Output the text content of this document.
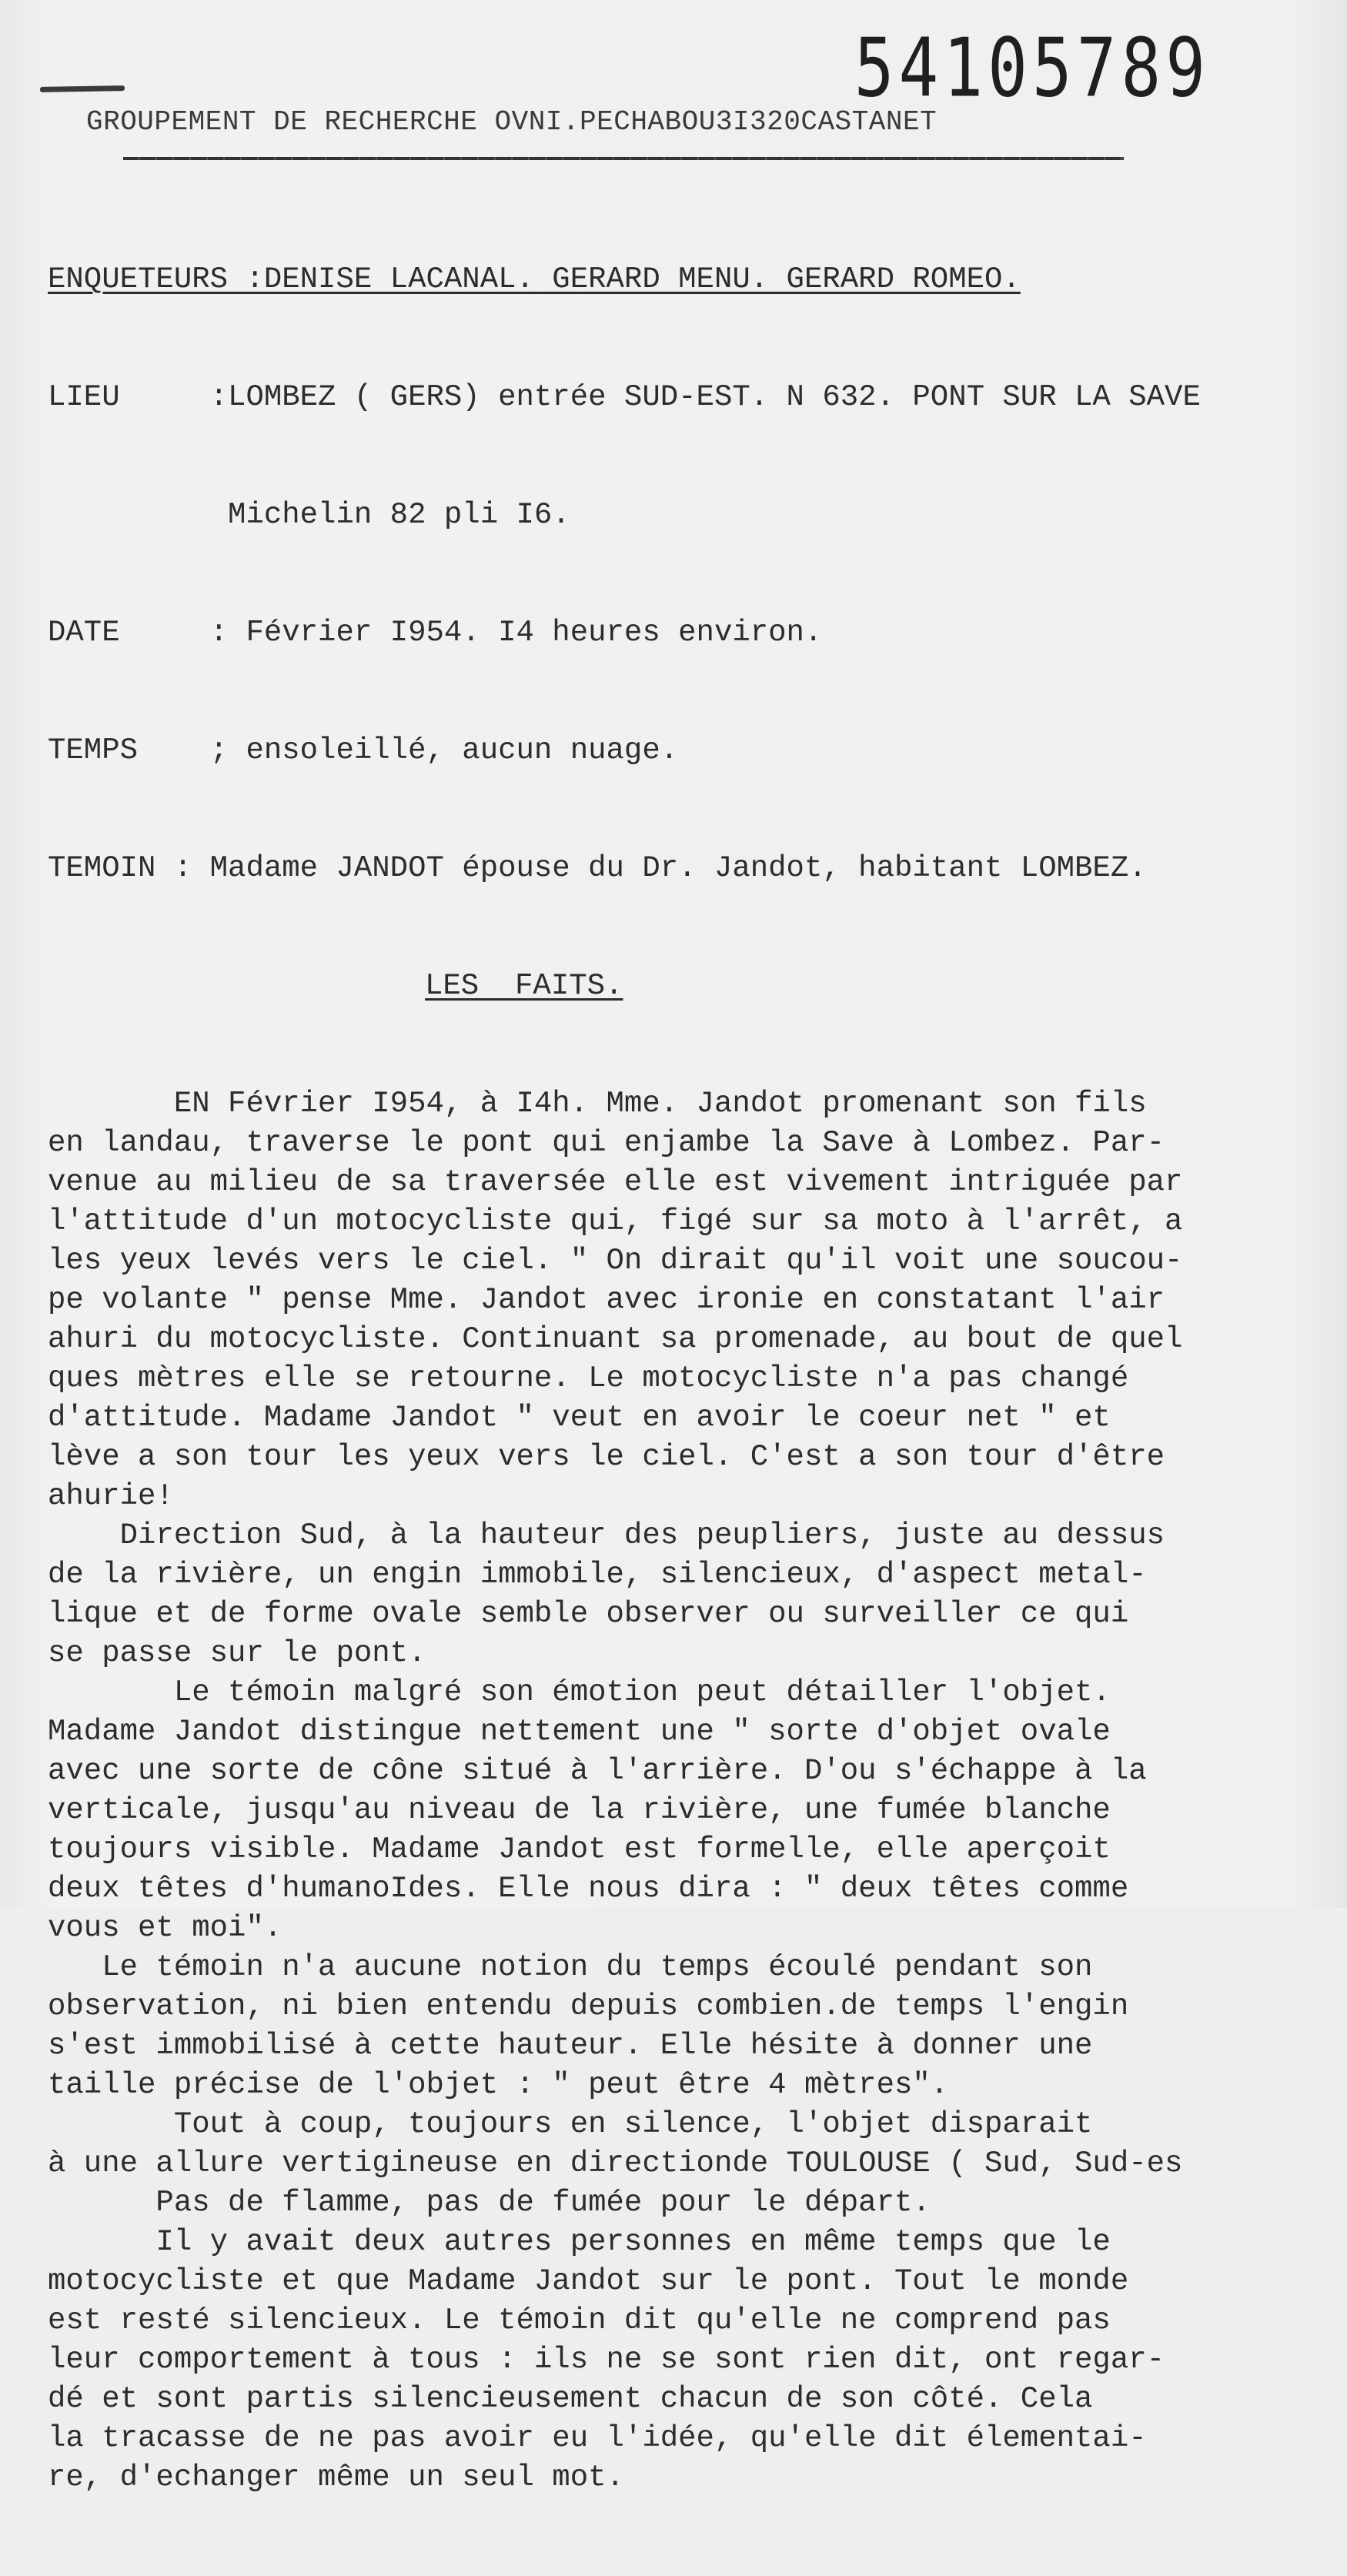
54105789
GROUPEMENT DE RECHERCHE OVNI.PECHABOU3I320CASTANET

ENQUETEURS :DENISE LACANAL. GERARD MENU. GERARD ROMEO.

LIEU     :LOMBEZ ( GERS) entrée SUD-EST. N 632. PONT SUR LA SAVE

Michelin 82 pli I6.

DATE     : Février I954. I4 heures environ.

TEMPS    ; ensoleillé, aucun nuage.

TEMOIN : Madame JANDOT épouse du Dr. Jandot, habitant LOMBEZ.

LES  FAITS.

EN Février I954, à I4h. Mme. Jandot promenant son fils
en landau, traverse le pont qui enjambe la Save à Lombez. Par-
venue au milieu de sa traversée elle est vivement intriguée par
l'attitude d'un motocycliste qui, figé sur sa moto à l'arrêt, a
les yeux levés vers le ciel. " On dirait qu'il voit une soucou-
pe volante " pense Mme. Jandot avec ironie en constatant l'air
ahuri du motocycliste. Continuant sa promenade, au bout de quel
ques mètres elle se retourne. Le motocycliste n'a pas changé
d'attitude. Madame Jandot " veut en avoir le coeur net " et
lève a son tour les yeux vers le ciel. C'est a son tour d'être
ahurie!
Direction Sud, à la hauteur des peupliers, juste au dessus
de la rivière, un engin immobile, silencieux, d'aspect metal-
lique et de forme ovale semble observer ou surveiller ce qui
se passe sur le pont.
Le témoin malgré son émotion peut détailler l'objet.
Madame Jandot distingue nettement une " sorte d'objet ovale
avec une sorte de cône situé à l'arrière. D'ou s'échappe à la
verticale, jusqu'au niveau de la rivière, une fumée blanche
toujours visible. Madame Jandot est formelle, elle aperçoit
deux têtes d'humanoIdes. Elle nous dira : " deux têtes comme
vous et moi".
Le témoin n'a aucune notion du temps écoulé pendant son
observation, ni bien entendu depuis combien.de temps l'engin
s'est immobilisé à cette hauteur. Elle hésite à donner une
taille précise de l'objet : " peut être 4 mètres".
Tout à coup, toujours en silence, l'objet disparait
à une allure vertigineuse en directionde TOULOUSE ( Sud, Sud-es
Pas de flamme, pas de fumée pour le départ.
Il y avait deux autres personnes en même temps que le
motocycliste et que Madame Jandot sur le pont. Tout le monde
est resté silencieux. Le témoin dit qu'elle ne comprend pas
leur comportement à tous : ils ne se sont rien dit, ont regar-
dé et sont partis silencieusement chacun de son côté. Cela
la tracasse de ne pas avoir eu l'idée, qu'elle dit élementai-
re, d'echanger même un seul mot.
